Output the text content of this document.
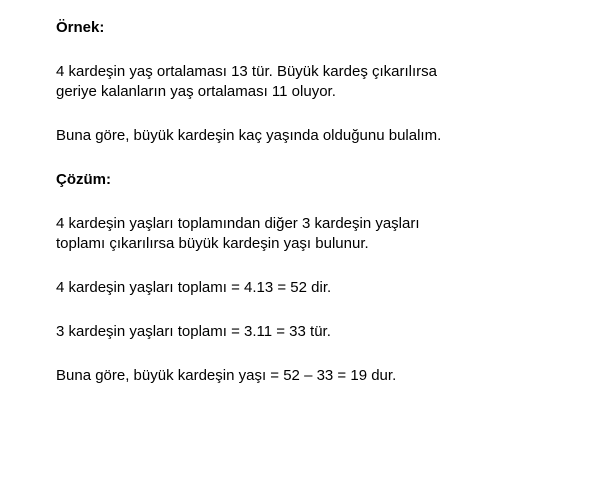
Örnek:

4 kardeşin yaş ortalaması 13 tür. Büyük kardeş çıkarılırsa

geriye kalanların yaş ortalaması 11 oluyor.

Buna göre, büyük kardeşin kaç yaşında olduğunu bulalım.

Çözüm:

4 kardeşin yaşları toplamından diğer 3 kardeşin yaşları

toplamı çıkarılırsa büyük kardeşin yaşı bulunur.

4 kardeşin yaşları toplamı = 4.13 = 52 dir.

3 kardeşin yaşları toplamı = 3.11 = 33 tür.

Buna göre, büyük kardeşin yaşı = 52 – 33 = 19 dur.
